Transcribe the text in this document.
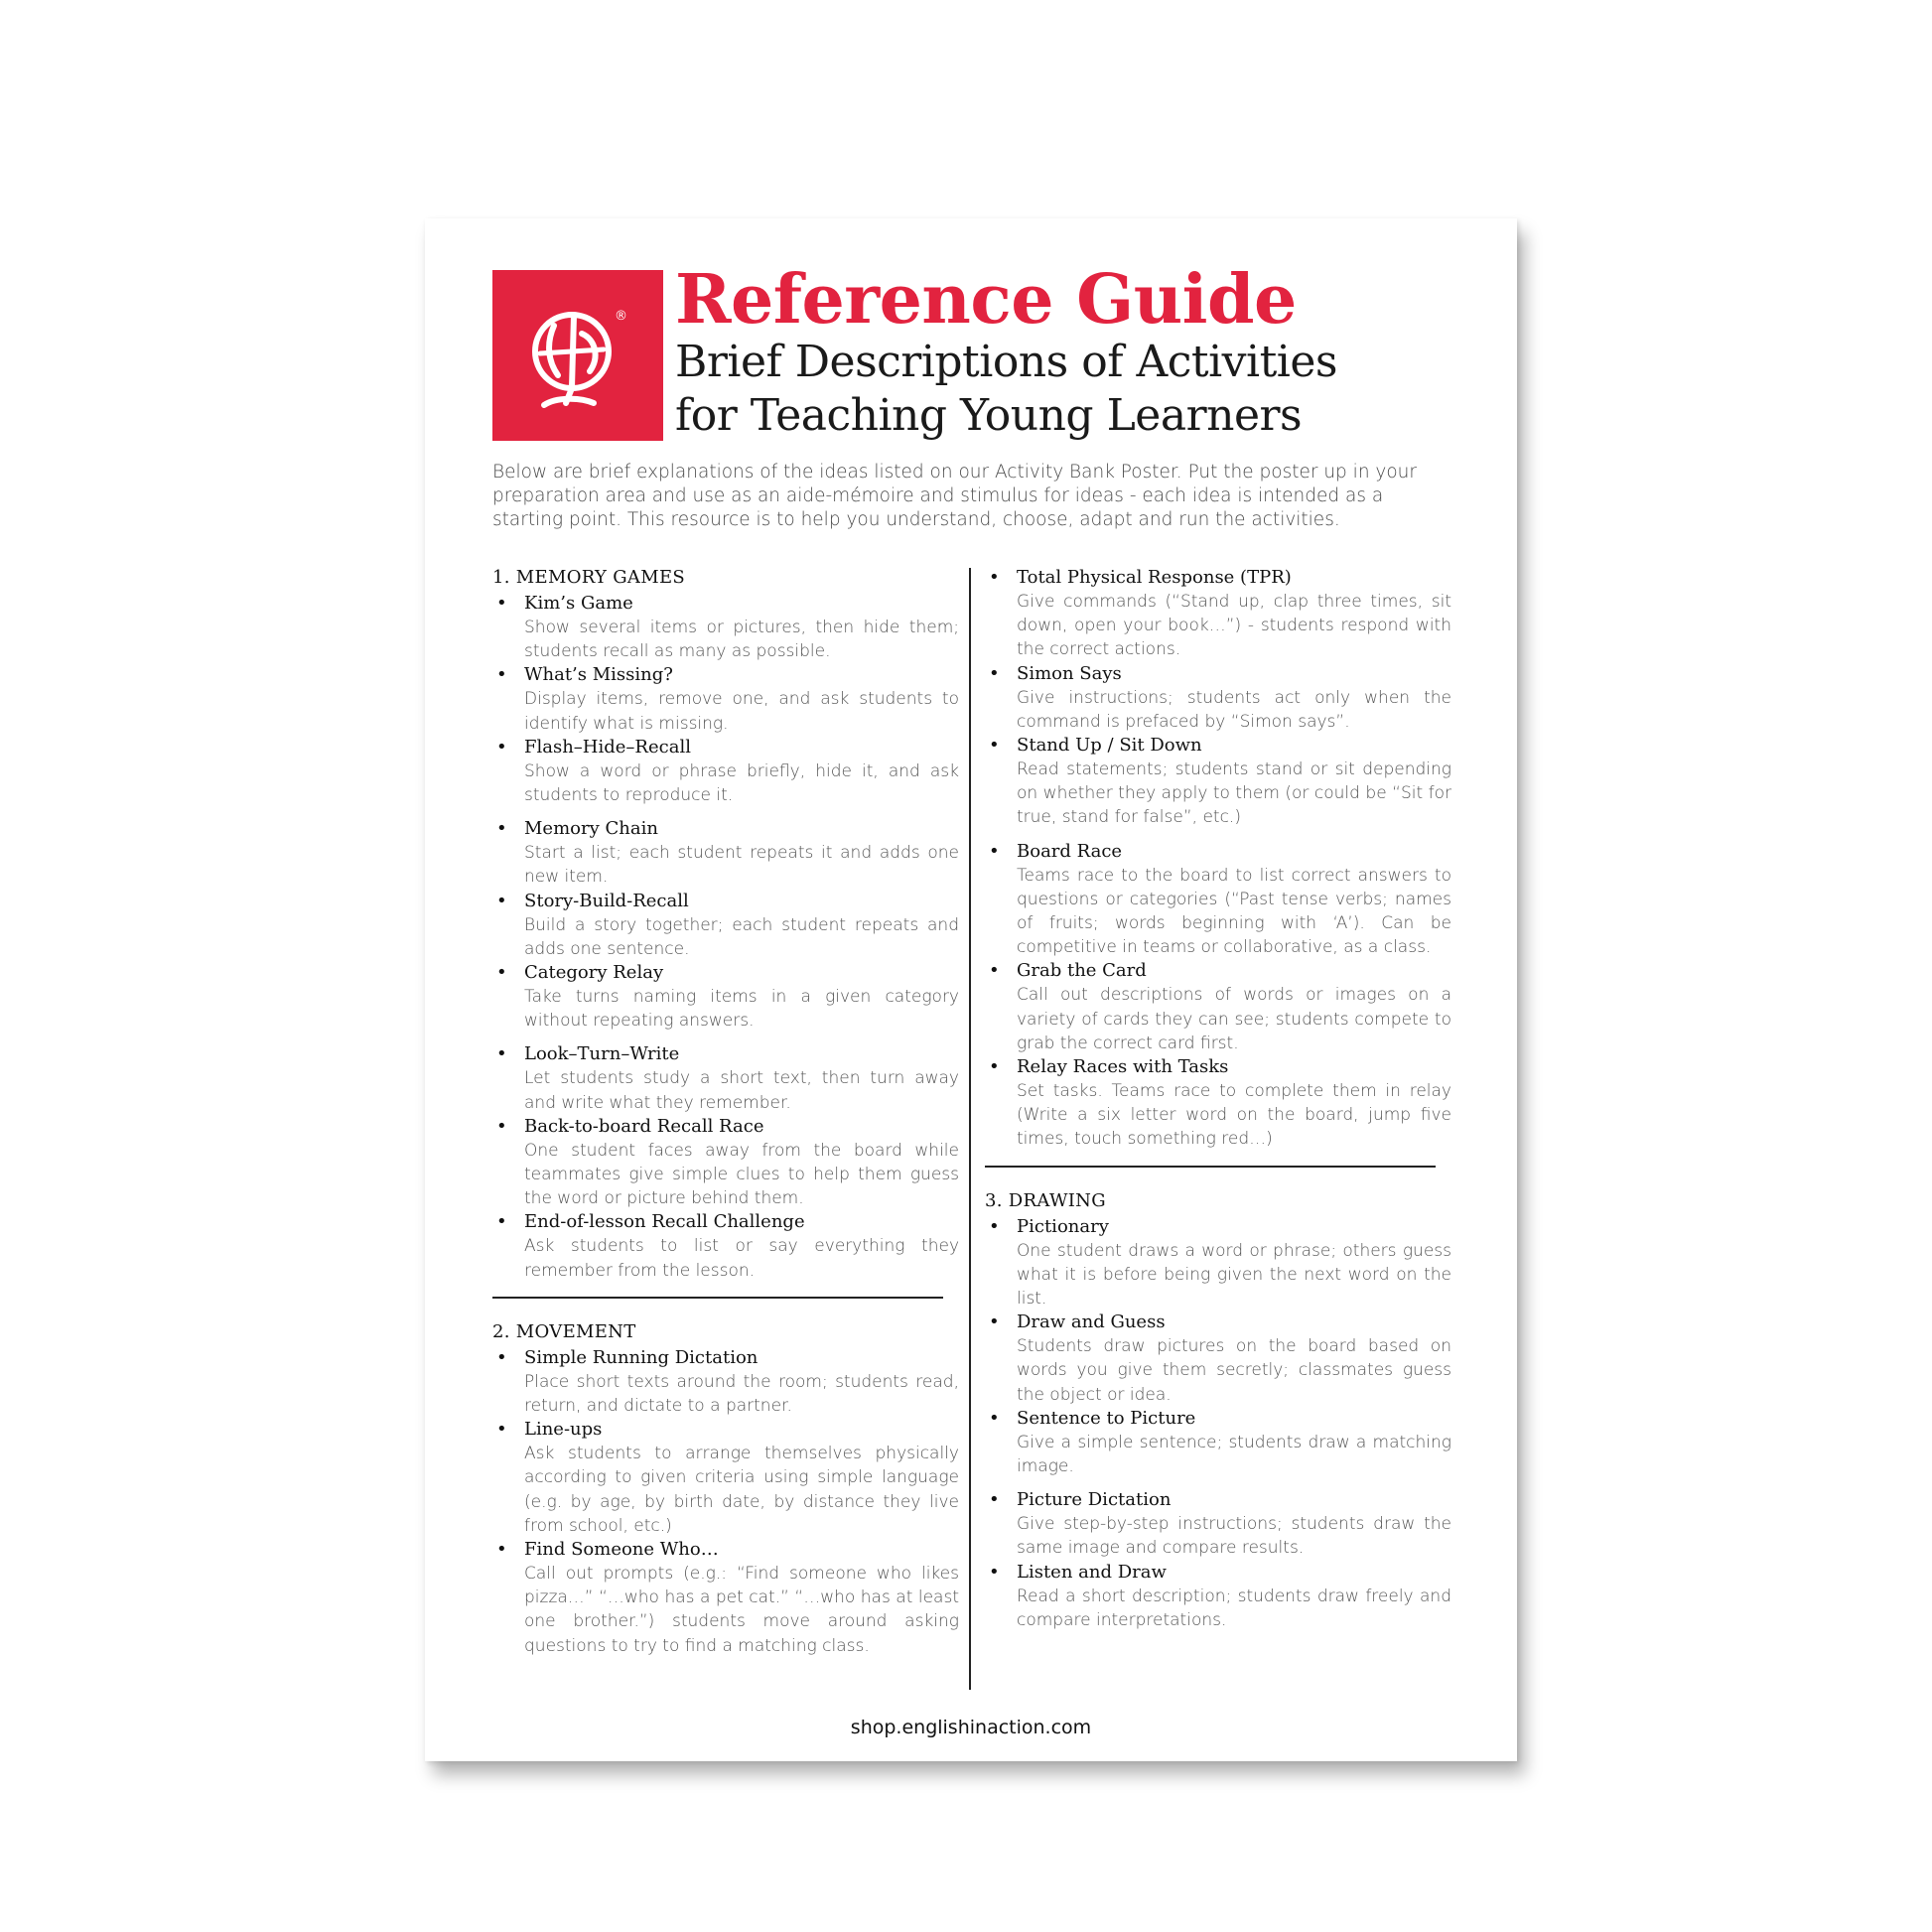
® Reference Guide
Brief Descriptions of Activities
for Teaching Young Learners

Below are brief explanations of the ideas listed on our Activity Bank Poster. Put the poster up in your preparation area and use as an aide-mémoire and stimulus for ideas - each idea is intended as a starting point. This resource is to help you understand, choose, adapt and run the activities.

1. MEMORY GAMES

• Kim’s Game

Show several items or pictures, then hide them; students recall as many as possible.

• What’s Missing?

Display items, remove one, and ask students to identify what is missing.

• Flash–Hide–Recall

Show a word or phrase briefly, hide it, and ask students to reproduce it.

• Memory Chain

Start a list; each student repeats it and adds one new item.

• Story-Build-Recall

Build a story together; each student repeats and adds one sentence.

• Category Relay

Take turns naming items in a given category without repeating answers.

• Look–Turn–Write

Let students study a short text, then turn away and write what they remember.

• Back-to-board Recall Race

One student faces away from the board while teammates give simple clues to help them guess the word or picture behind them.

• End-of-lesson Recall Challenge

Ask students to list or say everything they remember from the lesson.

2. MOVEMENT

• Simple Running Dictation

Place short texts around the room; students read, return, and dictate to a partner.

• Line-ups

Ask students to arrange themselves physically according to given criteria using simple language (e.g. by age, by birth date, by distance they live from school, etc.)

• Find Someone Who…

Call out prompts (e.g.: “Find someone who likes pizza…” “…who has a pet cat.” “…who has at least one brother.”) students move around asking questions to try to find a matching class.

• Total Physical Response (TPR)

Give commands (“Stand up, clap three times, sit down, open your book…”) - students respond with the correct actions.

• Simon Says

Give instructions; students act only when the command is prefaced by “Simon says”.

• Stand Up / Sit Down

Read statements; students stand or sit depending on whether they apply to them (or could be “Sit for true, stand for false”, etc.)

• Board Race

Teams race to the board to list correct answers to questions or categories (“Past tense verbs; names of fruits; words beginning with ‘A’). Can be competitive in teams or collaborative, as a class.

• Grab the Card

Call out descriptions of words or images on a variety of cards they can see; students compete to grab the correct card first.

• Relay Races with Tasks

Set tasks. Teams race to complete them in relay (Write a six letter word on the board, jump five times, touch something red…)

3. DRAWING

• Pictionary

One student draws a word or phrase; others guess what it is before being given the next word on the list.

• Draw and Guess

Students draw pictures on the board based on words you give them secretly; classmates guess the object or idea.

• Sentence to Picture

Give a simple sentence; students draw a matching image.

• Picture Dictation

Give step-by-step instructions; students draw the same image and compare results.

• Listen and Draw

Read a short description; students draw freely and compare interpretations.

shop.englishinaction.com
